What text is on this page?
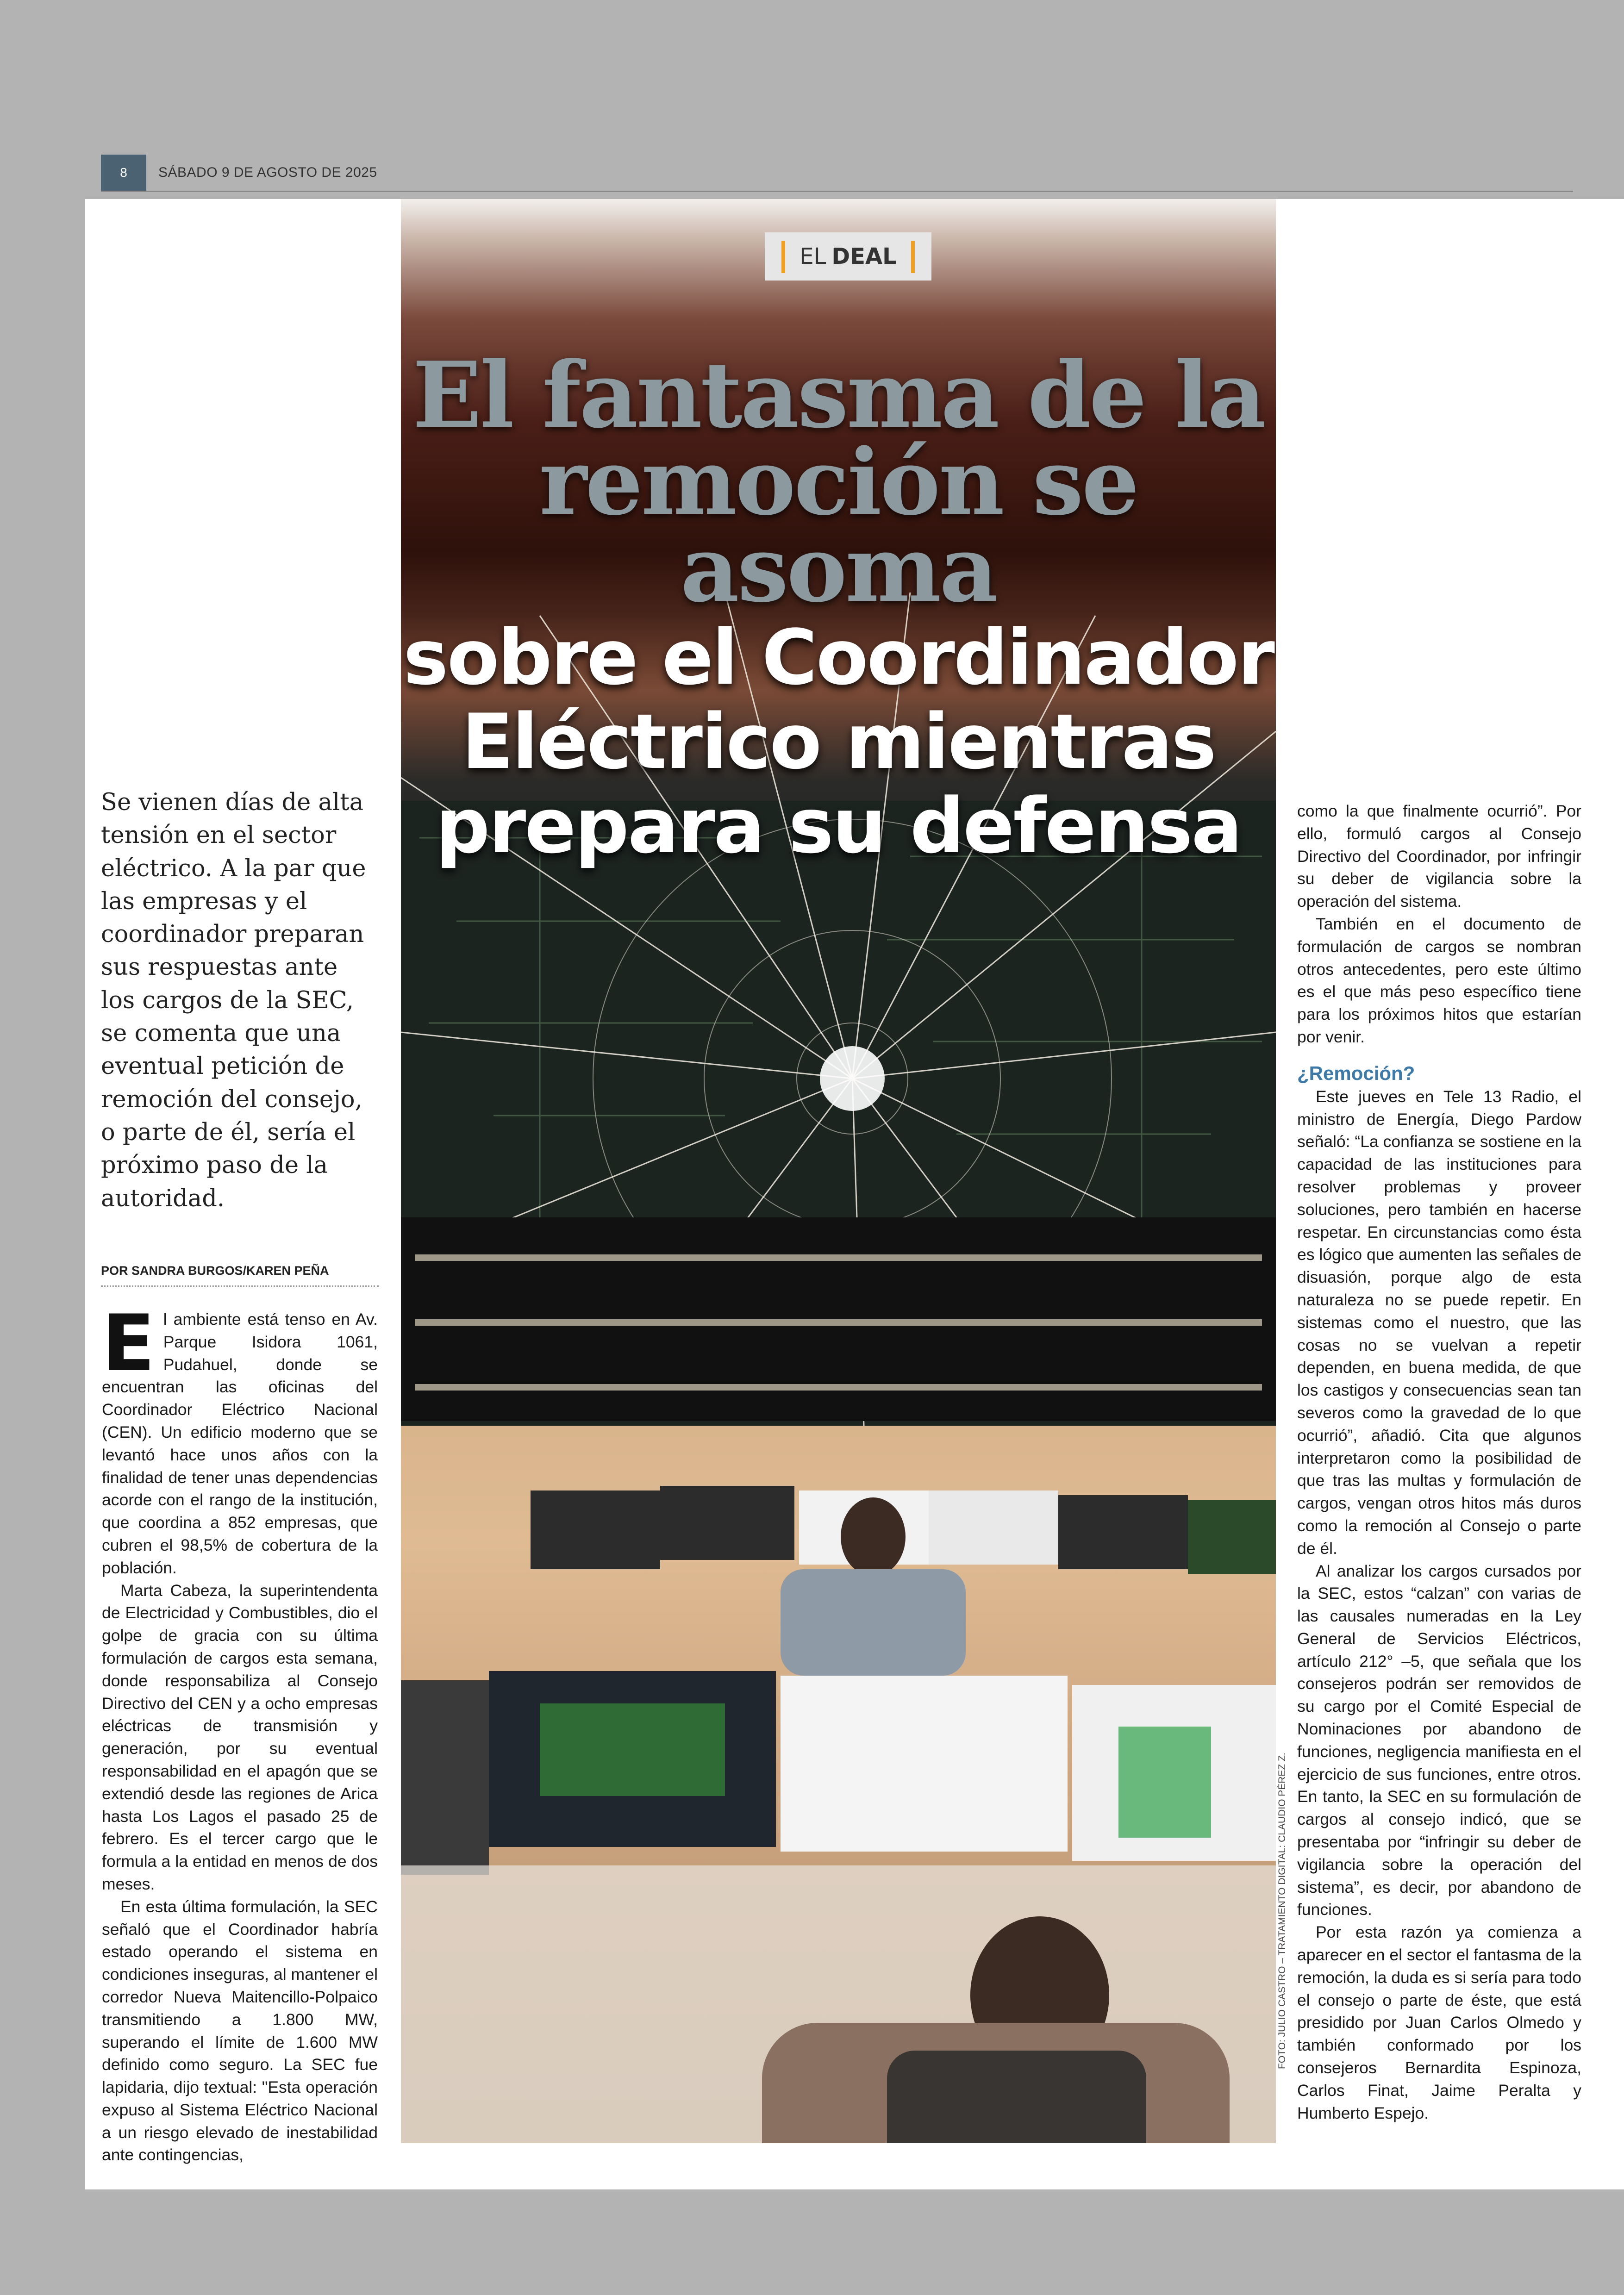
8	SÁBADO 9 DE AGOSTO DE 2025
EL DEAL
El fantasma de la
remoción se asoma
sobre el Coordinador
Eléctrico mientras
prepara su defensa
FOTO: JULIO CASTRO – TRATAMIENTO DIGITAL: CLAUDIO PÉREZ Z.
Se vienen días de alta tensión en el sector eléctrico. A la par que las empresas y el coordinador preparan sus respuestas ante los cargos de la SEC, se comenta que una eventual petición de remoción del consejo, o parte de él, sería el próximo paso de la autoridad.
POR SANDRA BURGOS/KAREN PEÑA

El ambiente está tenso en Av. Parque Isidora 1061, Pudahuel, donde se encuentran las oficinas del Coordinador Eléctrico Nacional (CEN). Un edificio moderno que se levantó hace unos años con la finalidad de tener unas dependencias acorde con el rango de la institución, que coordina a 852 empresas, que cubren el 98,5% de cobertura de la población.

Marta Cabeza, la superintendenta de Electricidad y Combustibles, dio el golpe de gracia con su última formulación de cargos esta semana, donde responsabiliza al Consejo Directivo del CEN y a ocho empresas eléctricas de transmisión y generación, por su eventual responsabilidad en el apagón que se extendió desde las regiones de Arica hasta Los Lagos el pasado 25 de febrero. Es el tercer cargo que le formula a la entidad en menos de dos meses.

En esta última formulación, la SEC señaló que el Coordinador habría estado operando el sistema en condiciones inseguras, al mantener el corredor Nueva Maitencillo-Polpaico transmitiendo a 1.800 MW, superando el límite de 1.600 MW definido como seguro. La SEC fue lapidaria, dijo textual: "Esta operación expuso al Sistema Eléctrico Nacional a un riesgo elevado de inestabilidad ante contingencias,

como la que finalmente ocurrió”. Por ello, formuló cargos al Consejo Directivo del Coordinador, por infringir su deber de vigilancia sobre la operación del sistema.

También en el documento de formulación de cargos se nombran otros antecedentes, pero este último es el que más peso específico tiene para los próximos hitos que estarían por venir.

¿Remoción?

Este jueves en Tele 13 Radio, el ministro de Energía, Diego Pardow señaló: “La confianza se sostiene en la capacidad de las instituciones para resolver problemas y proveer soluciones, pero también en hacerse respetar. En circunstancias como ésta es lógico que aumenten las señales de disuasión, porque algo de esta naturaleza no se puede repetir. En sistemas como el nuestro, que las cosas no se vuelvan a repetir dependen, en buena medida, de que los castigos y consecuencias sean tan severos como la gravedad de lo que ocurrió”, añadió. Cita que algunos interpretaron como la posibilidad de que tras las multas y formulación de cargos, vengan otros hitos más duros como la remoción al Consejo o parte de él.

Al analizar los cargos cursados por la SEC, estos “calzan” con varias de las causales numeradas en la Ley General de Servicios Eléctricos, artículo 212° –5, que señala que los consejeros podrán ser removidos de su cargo por el Comité Especial de Nominaciones por abandono de funciones, negligencia manifiesta en el ejercicio de sus funciones, entre otros. En tanto, la SEC en su formulación de cargos al consejo indicó, que se presentaba por “infringir su deber de vigilancia sobre la operación del sistema”, es decir, por abandono de funciones.

Por esta razón ya comienza a aparecer en el sector el fantasma de la remoción, la duda es si sería para todo el consejo o parte de éste, que está presidido por Juan Carlos Olmedo y también conformado por los consejeros Bernardita Espinoza, Carlos Finat, Jaime Peralta y Humberto Espejo.
